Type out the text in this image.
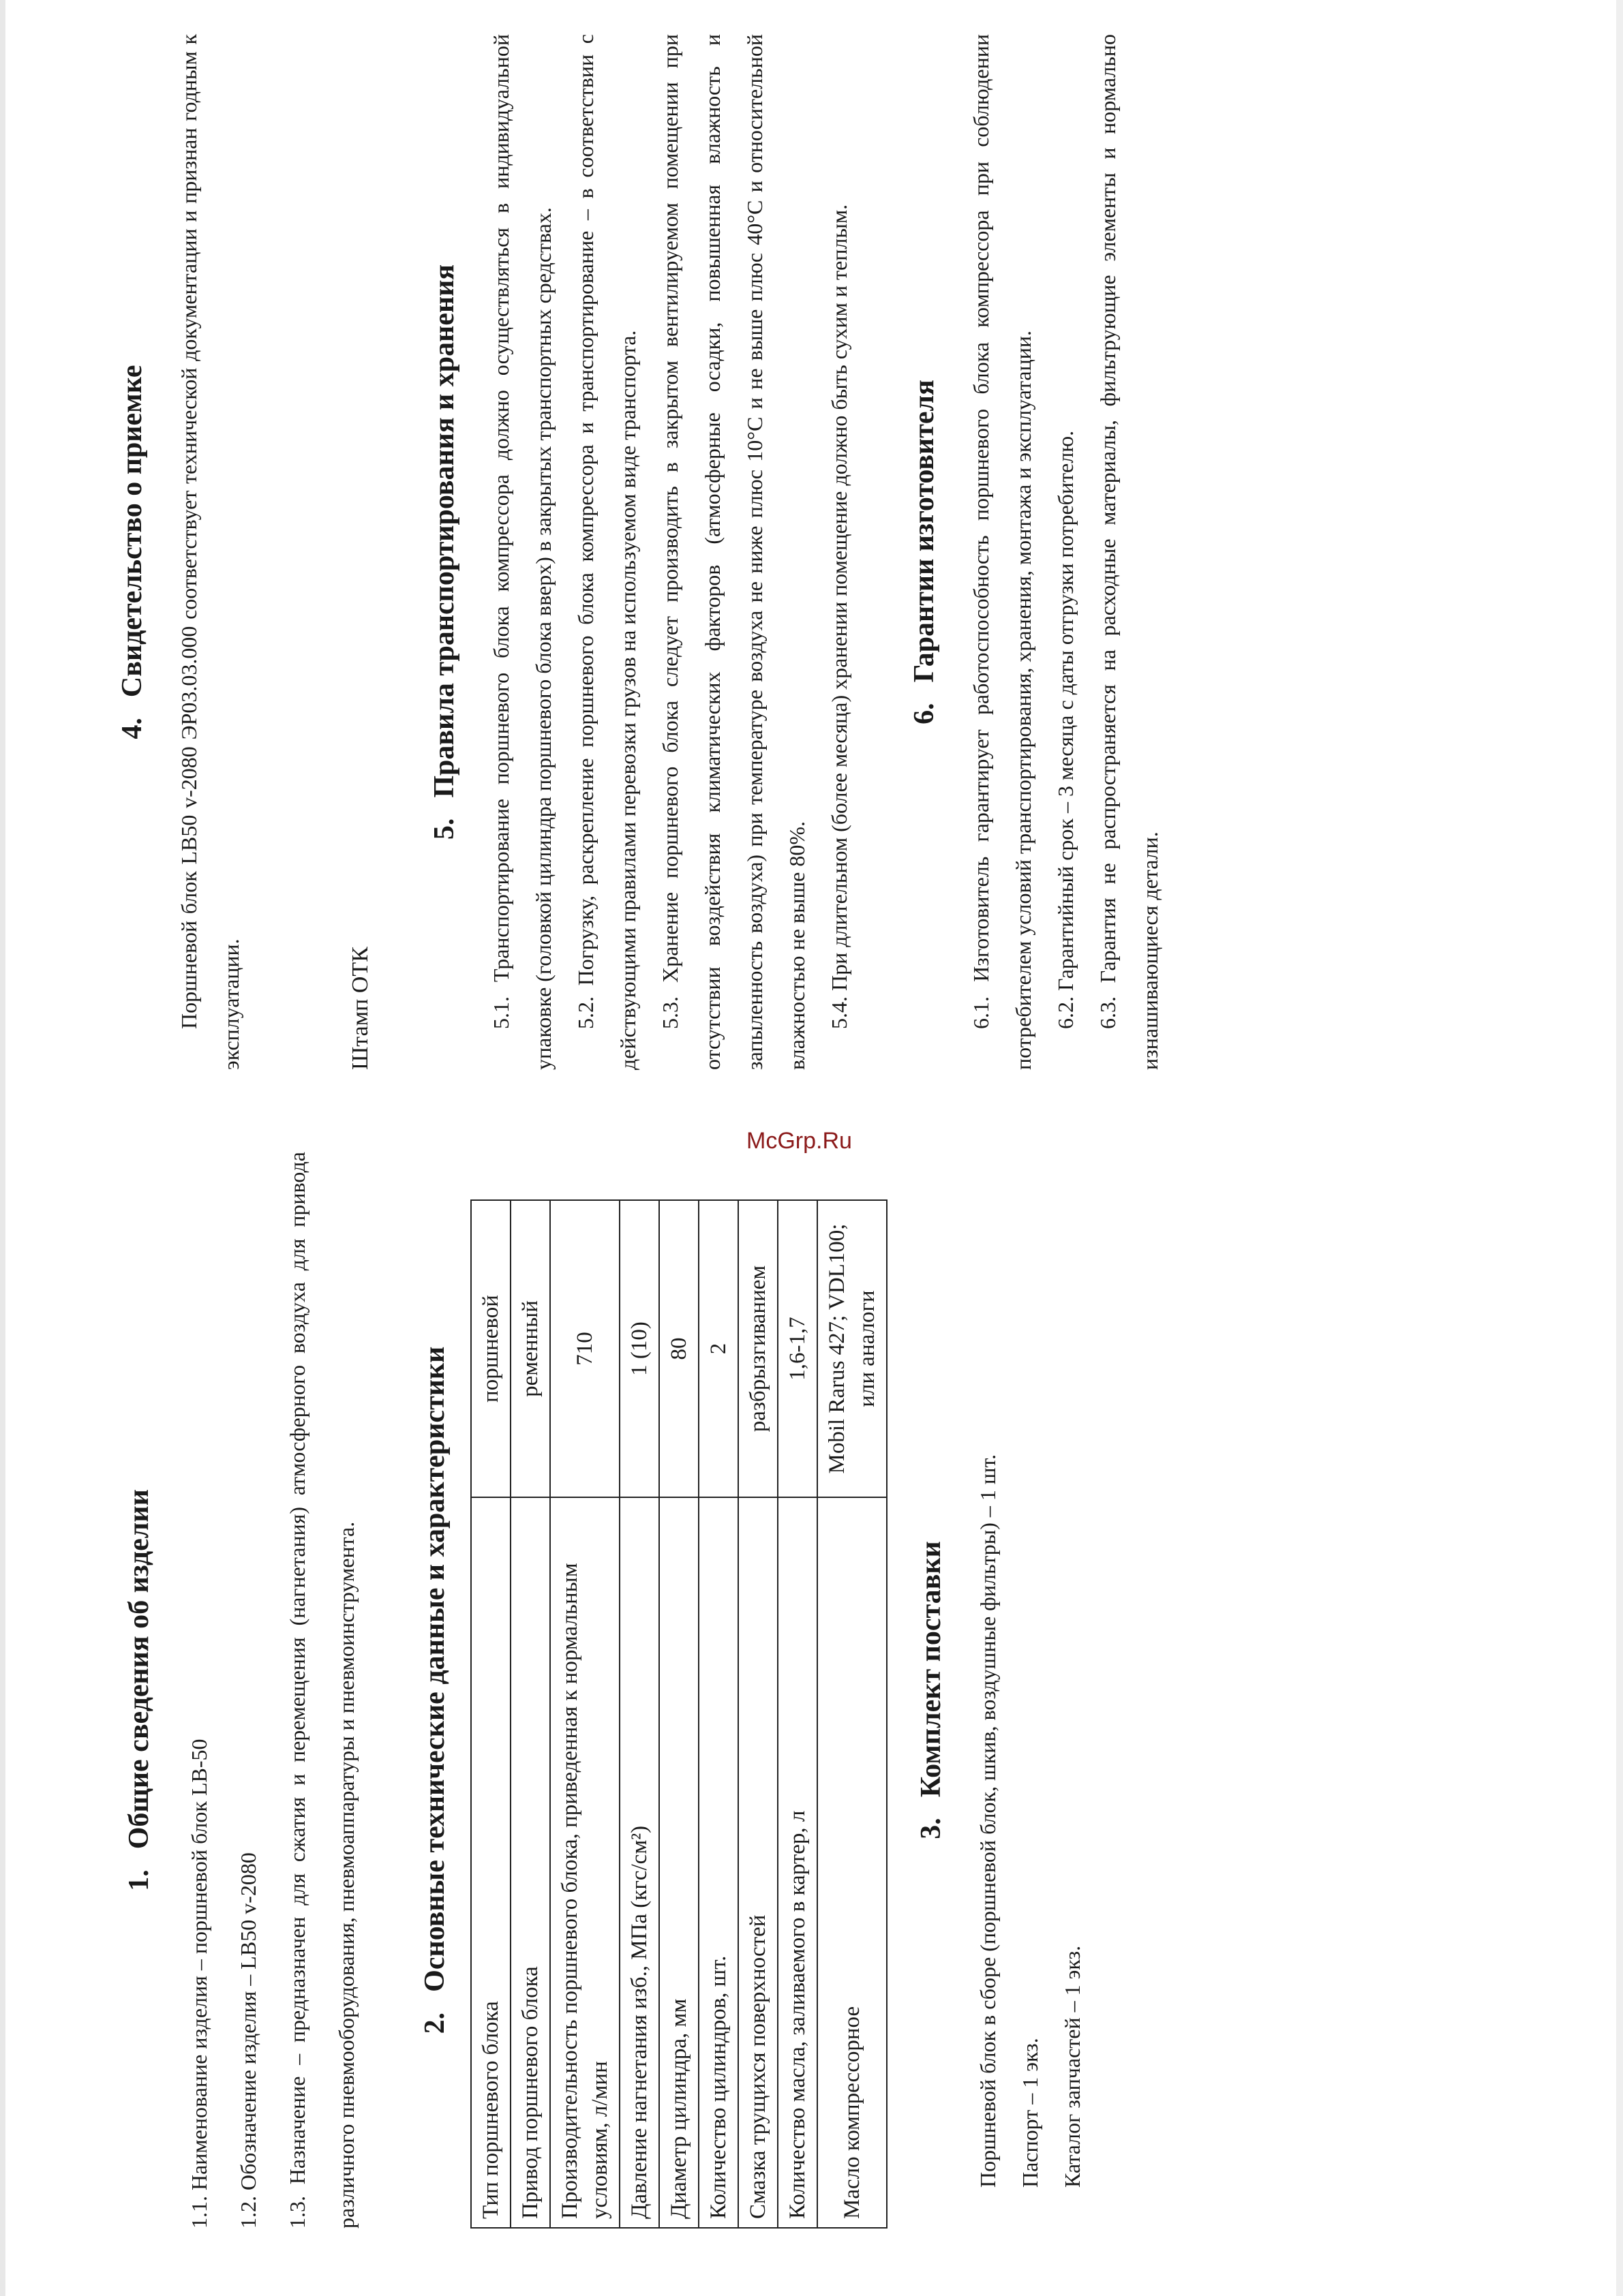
1.Общие сведения об изделии

1.1. Наименование изделия – поршневой блок LB-50	1.2. Обозначение изделия – LB50 v-2080	1.3. Назначение – предназначен для сжатия и перемещения (нагнетания) атмосферного воздуха для привода различного пневмооборудования, пневмоаппаратуры и пневмоинструмента.	2.Основные технические данные и характеристики
Тип поршневого блока	поршневой
Привод поршневого блока	ременный
Производительность поршневого блока, приведенная к нормальным условиям, л/мин	710
Давление нагнетания изб., МПа (кгс/см²)	1 (10)
Диаметр цилиндра, мм	80
Количество цилиндров, шт.	2
Смазка трущихся поверхностей	разбрызгиванием
Количество масла, заливаемого в картер, л	1,6-1,7
Масло компрессорное	Mobil Rarus 427; VDL100; или аналоги
3.Комплект поставки	Поршневой блок в сборе (поршневой блок, шкив, воздушные фильтры) – 1 шт. Паспорт – 1 экз. Каталог запчастей – 1 экз.

4.Свидетельство о приемке	Поршневой блок LB50 v-2080 ЭР03.03.000 соответствует технической документации и признан годным к эксплуатации.	Штамп ОТК

5.Правила транспортирования и хранения	5.1. Транспортирование поршневого блока компрессора должно осуществляться в индивидуальной упаковке (головкой цилиндра поршневого блока вверх) в закрытых транспортных средствах. 5.2. Погрузку, раскрепление поршневого блока компрессора и транспортирование – в соответствии с действующими правилами перевозки грузов на используемом виде транспорта. 5.3. Хранение поршневого блока следует производить в закрытом вентилируемом помещении при отсутствии воздействия климатических факторов (атмосферные осадки, повышенная влажность и запыленность воздуха) при температуре воздуха не ниже плюс 10°С и не выше плюс 40°С и относительной влажностью не выше 80%. 5.4. При длительном (более месяца) хранении помещение должно быть сухим и теплым.	6.Гарантии изготовителя	6.1. Изготовитель гарантирует работоспособность поршневого блока компрессора при соблюдении потребителем условий транспортирования, хранения, монтажа и эксплуатации. 6.2. Гарантийный срок – 3 месяца с даты отгрузки потребителю. 6.3. Гарантия не распространяется на расходные материалы, фильтрующие элементы и нормально изнашивающиеся детали.

McGrp.Ru
